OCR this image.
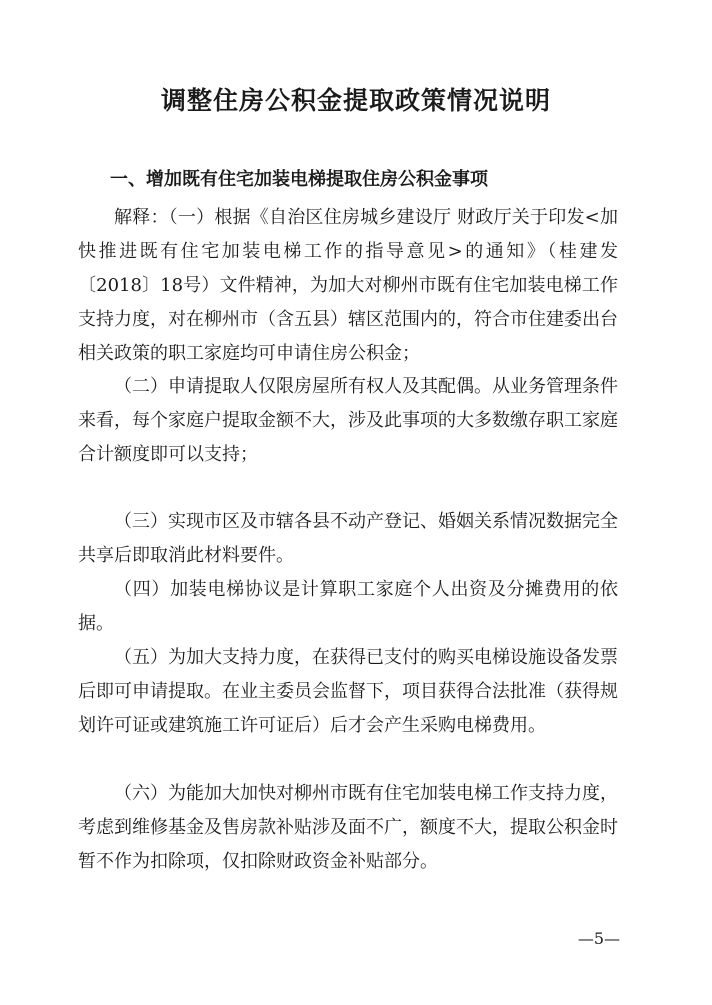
调整住房公积金提取政策情况说明
一、增加既有住宅加装电梯提取住房公积金事项

解释：（一）根据《自治区住房城乡建设厅 财政厅关于印发<加快推进既有住宅加装电梯工作的指导意见>的通知》（桂建发〔2018〕18号）文件精神，为加大对柳州市既有住宅加装电梯工作支持力度，对在柳州市（含五县）辖区范围内的，符合市住建委出台相关政策的职工家庭均可申请住房公积金；

（二）申请提取人仅限房屋所有权人及其配偶。从业务管理条件来看，每个家庭户提取金额不大，涉及此事项的大多数缴存职工家庭合计额度即可以支持；

（三）实现市区及市辖各县不动产登记、婚姻关系情况数据完全共享后即取消此材料要件。

（四）加装电梯协议是计算职工家庭个人出资及分摊费用的依据。

（五）为加大支持力度，在获得已支付的购买电梯设施设备发票后即可申请提取。在业主委员会监督下，项目获得合法批准（获得规划许可证或建筑施工许可证后）后才会产生采购电梯费用。

（六）为能加大加快对柳州市既有住宅加装电梯工作支持力度，考虑到维修基金及售房款补贴涉及面不广，额度不大，提取公积金时暂不作为扣除项，仅扣除财政资金补贴部分。

—5—
